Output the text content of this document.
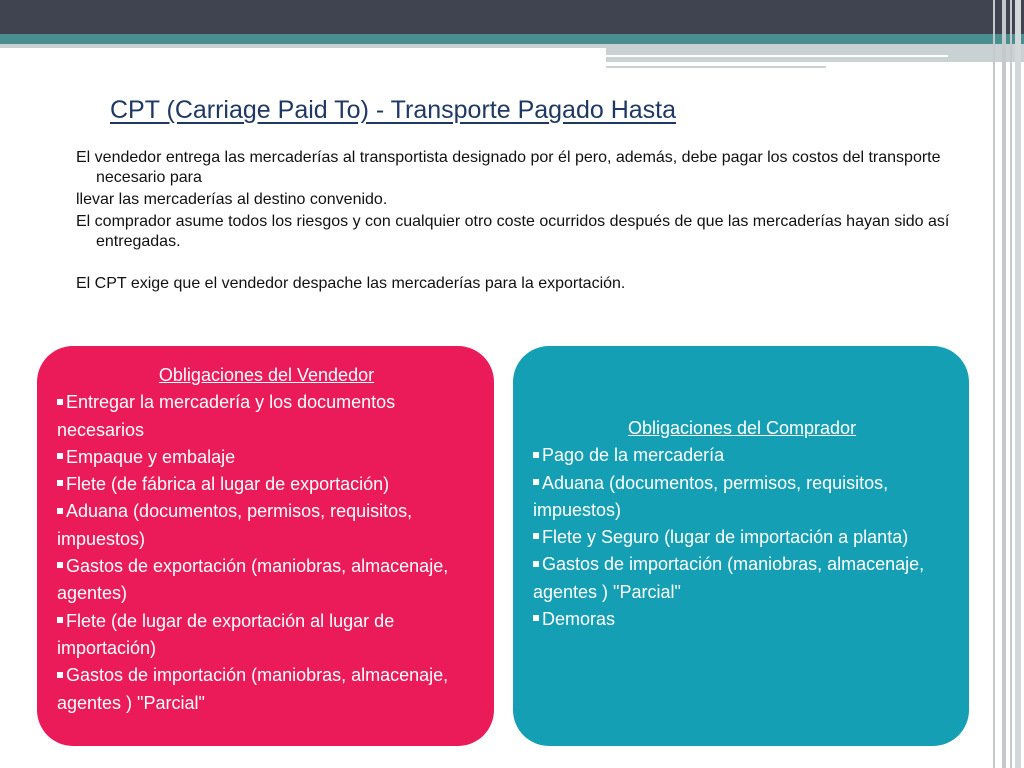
CPT (Carriage Paid To) - Transporte Pagado Hasta

El vendedor entrega las mercaderías al transportista designado por él pero, además, debe pagar los costos del transporte necesario para

llevar las mercaderías al destino convenido.

El comprador asume todos los riesgos y con cualquier otro coste ocurridos después de que las mercaderías hayan sido así entregadas.

El CPT exige que el vendedor despache las mercaderías para la exportación.

Obligaciones del Vendedor

Entregar la mercadería y los documentos necesarios

Empaque y embalaje

Flete (de fábrica al lugar de exportación)

Aduana (documentos, permisos, requisitos, impuestos)

Gastos de exportación (maniobras, almacenaje, agentes)

Flete (de lugar de exportación al lugar de importación)

Gastos de importación (maniobras, almacenaje, agentes ) "Parcial"

Obligaciones del Comprador

Pago de la mercadería

Aduana (documentos, permisos, requisitos, impuestos)

Flete y Seguro (lugar de importación a planta)

Gastos de importación (maniobras, almacenaje, agentes ) "Parcial"

Demoras
